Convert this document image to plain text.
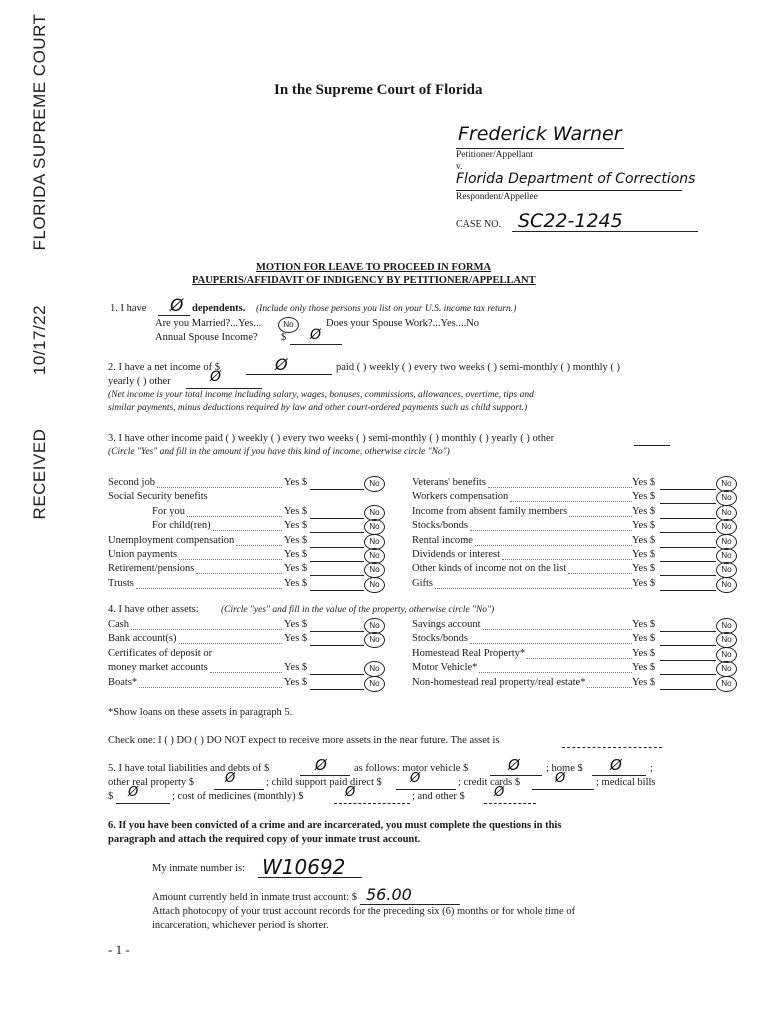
FLORIDA SUPREME COURT
10/17/22
RECEIVED
In the Supreme Court of Florida
Frederick Warner
Petitioner/Appellant
v.
Florida Department of Corrections
Respondent/Appellee
CASE NO. SC22-1245
MOTION FOR LEAVE TO PROCEED IN FORMA
PAUPERIS/AFFIDAVIT OF INDIGENCY BY PETITIONER/APPELLANT
1. I have Ø dependents. (Include only those persons you list on your U.S. income tax return.)
Are you Married?...Yes...	No	Does your Spouse Work?...Yes....No
Annual Spouse Income? $ Ø
2. I have a net income of $	Ø	paid ( ) weekly ( ) every two weeks ( ) semi-monthly ( ) monthly ( )
yearly ( ) other	Ø
(Net income is your total income including salary, wages, bonuses, commissions, allowances, overtime, tips and
similar payments, minus deductions required by law and other court-ordered payments such as child support.)
3. I have other income paid ( ) weekly ( ) every two weeks ( ) semi-monthly ( ) monthly ( ) yearly ( ) other
(Circle "Yes" and fill in the amount if you have this kind of income, otherwise circle "No")
Second job	Yes $	No
Social Security benefits
For you	Yes $	No
For child(ren)	Yes $	No
Unemployment compensation	Yes $	No
Union payments	Yes $	No
Retirement/pensions	Yes $	No
Trusts	Yes $	No
Veterans' benefits	Yes $	No
Workers compensation	Yes $	No
Income from absent family members	Yes $	No
Stocks/bonds	Yes $	No
Rental income	Yes $	No
Dividends or interest	Yes $	No
Other kinds of income not on the list	Yes $	No
Gifts	Yes $	No
4. I have other assets: (Circle "yes" and fill in the value of the property, otherwise circle "No")
Cash	Yes $	No
Bank account(s)	Yes $	No
Certificates of deposit or
money market accounts	Yes $	No
Boats*	Yes $	No
Savings account	Yes $	No
Stocks/bonds	Yes $	No
Homestead Real Property*	Yes $	No
Motor Vehicle*	Yes $	No
Non-homestead real property/real estate*	Yes $	No
*Show loans on these assets in paragraph 5.
Check one: I ( ) DO ( ) DO NOT expect to receive more assets in the near future. The asset is
5. I have total liabilities and debts of $	Ø	as follows: motor vehicle $	Ø ; home $ Ø	;
other real property $ Ø	; child support paid direct $ Ø	; credit cards $	Ø	; medical bills
$ Ø	; cost of medicines (monthly) $	Ø	; and other $ Ø
6. If you have been convicted of a crime and are incarcerated, you must complete the questions in this
paragraph and attach the required copy of your inmate trust account.
My inmate number is: W10692
Amount currently held in inmate trust account: $ 56.00
Attach photocopy of your trust account records for the preceding six (6) months or for whole time of
incarceration, whichever period is shorter.
- 1 -
